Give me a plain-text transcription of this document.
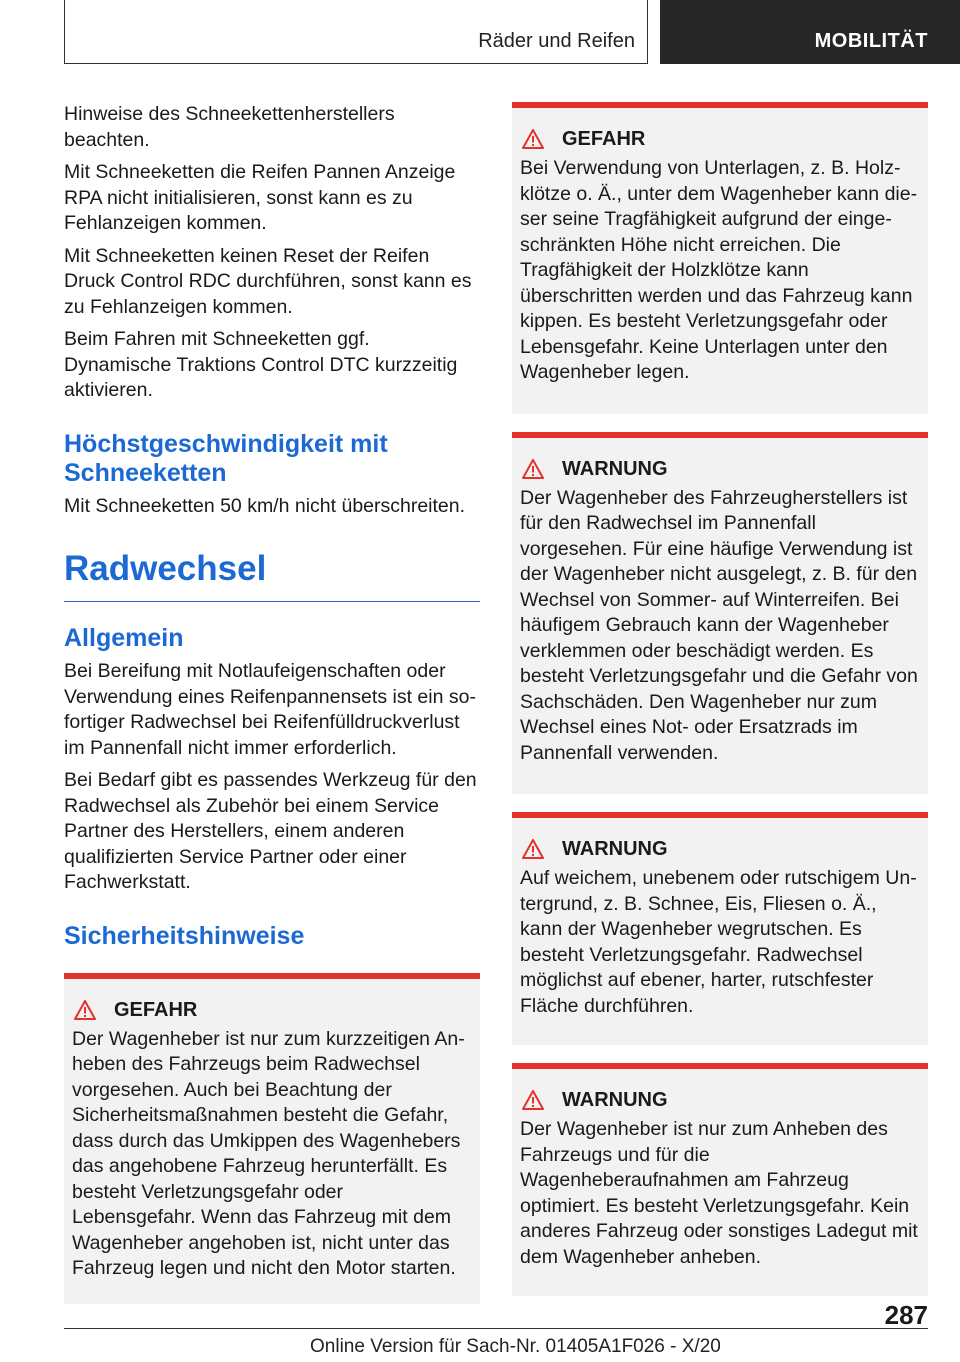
Räder und Reifen	MOBILITÄT

Hinweise des Schneekettenherstellers beachten.

Mit Schneeketten die Reifen Pannen Anzeige RPA nicht initialisieren, sonst kann es zu Fehlanzeigen kommen.

Mit Schneeketten keinen Reset der Reifen Druck Control RDC durchführen, sonst kann es zu Fehlanzeigen kommen.

Beim Fahren mit Schneeketten ggf. Dynamische Traktions Control DTC kurzzeitig aktivieren.

Höchstgeschwindigkeit mit Schneeketten

Mit Schneeketten 50 km/h nicht überschreiten.

Radwechsel
Allgemein

Bei Bereifung mit Notlaufeigenschaften oder Verwendung eines Reifenpannensets ist ein sofortiger Radwechsel bei Reifenfülldruckverlust im Pannenfall nicht immer erforderlich.

Bei Bedarf gibt es passendes Werkzeug für den Radwechsel als Zubehör bei einem Service Partner des Herstellers, einem anderen qualifizierten Service Partner oder einer Fachwerkstatt.

Sicherheitshinweise
GEFAHR

Der Wagenheber ist nur zum kurzzeitigen Anheben des Fahrzeugs beim Radwechsel vorgesehen. Auch bei Beachtung der Sicherheitsmaßnahmen besteht die Gefahr, dass durch das Umkippen des Wagenhebers das angehobene Fahrzeug herunterfällt. Es besteht Verletzungsgefahr oder Lebensgefahr. Wenn das Fahrzeug mit dem Wagenheber angehoben ist, nicht unter das Fahrzeug legen und nicht den Motor starten.

GEFAHR

Bei Verwendung von Unterlagen, z. B. Holzklötze o. Ä., unter dem Wagenheber kann dieser seine Tragfähigkeit aufgrund der eingeschränkten Höhe nicht erreichen. Die Tragfähigkeit der Holzklötze kann überschritten werden und das Fahrzeug kann kippen. Es besteht Verletzungsgefahr oder Lebensgefahr. Keine Unterlagen unter den Wagenheber legen.

WARNUNG

Der Wagenheber des Fahrzeugherstellers ist für den Radwechsel im Pannenfall vorgesehen. Für eine häufige Verwendung ist der Wagenheber nicht ausgelegt, z. B. für den Wechsel von Sommer- auf Winterreifen. Bei häufigem Gebrauch kann der Wagenheber verklemmen oder beschädigt werden. Es besteht Verletzungsgefahr und die Gefahr von Sachschäden. Den Wagenheber nur zum Wechsel eines Not- oder Ersatzrads im Pannenfall verwenden.

WARNUNG

Auf weichem, unebenem oder rutschigem Untergrund, z. B. Schnee, Eis, Fliesen o. Ä., kann der Wagenheber wegrutschen. Es besteht Verletzungsgefahr. Radwechsel möglichst auf ebener, harter, rutschfester Fläche durchführen.

WARNUNG

Der Wagenheber ist nur zum Anheben des Fahrzeugs und für die Wagenheberaufnahmen am Fahrzeug optimiert. Es besteht Verletzungsgefahr. Kein anderes Fahrzeug oder sonstiges Ladegut mit dem Wagenheber anheben.

287
Online Version für Sach-Nr. 01405A1F026 - X/20
